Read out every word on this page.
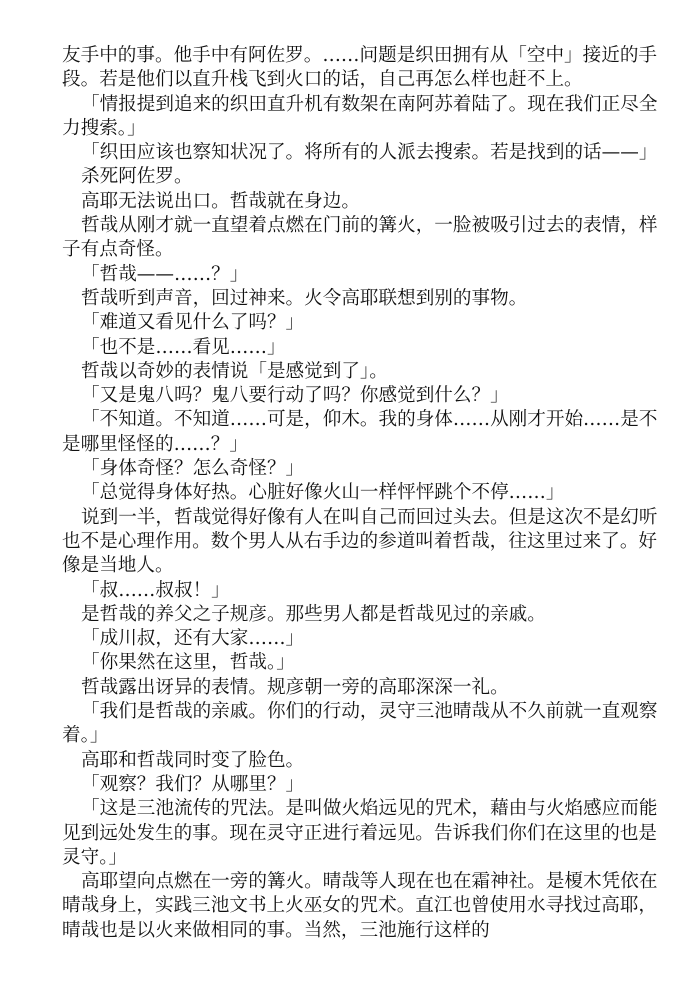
友手中的事。他手中有阿佐罗。……问题是织田拥有从「空中」接近的手段。若是他们以直升栈飞到火口的话，自己再怎么样也赶不上。

「情报提到追来的织田直升机有数架在南阿苏着陆了。现在我们正尽全力搜索。」

「织田应该也察知状况了。将所有的人派去搜索。若是找到的话——」

杀死阿佐罗。

高耶无法说出口。哲哉就在身边。

哲哉从刚才就一直望着点燃在门前的篝火，一脸被吸引过去的表情，样子有点奇怪。

「哲哉——……？」

哲哉听到声音，回过神来。火令高耶联想到别的事物。

「难道又看见什么了吗？」

「也不是……看见……」

哲哉以奇妙的表情说「是感觉到了」。

「又是鬼八吗？鬼八要行动了吗？你感觉到什么？」

「不知道。不知道……可是，仰木。我的身体……从刚才开始……是不是哪里怪怪的……？」

「身体奇怪？怎么奇怪？」

「总觉得身体好热。心脏好像火山一样怦怦跳个不停……」

说到一半，哲哉觉得好像有人在叫自己而回过头去。但是这次不是幻听也不是心理作用。数个男人从右手边的参道叫着哲哉，往这里过来了。好像是当地人。

「叔……叔叔！」

是哲哉的养父之子规彦。那些男人都是哲哉见过的亲戚。

「成川叔，还有大家……」

「你果然在这里，哲哉。」

哲哉露出讶异的表情。规彦朝一旁的高耶深深一礼。

「我们是哲哉的亲戚。你们的行动，灵守三池晴哉从不久前就一直观察着。」

高耶和哲哉同时变了脸色。

「观察？我们？从哪里？」

「这是三池流传的咒法。是叫做火焰远见的咒术，藉由与火焰感应而能见到远处发生的事。现在灵守正进行着远见。告诉我们你们在这里的也是灵守。」

高耶望向点燃在一旁的篝火。晴哉等人现在也在霜神社。是榎木凭依在晴哉身上，实践三池文书上火巫女的咒术。直江也曾使用水寻找过高耶，晴哉也是以火来做相同的事。当然，三池施行这样的
